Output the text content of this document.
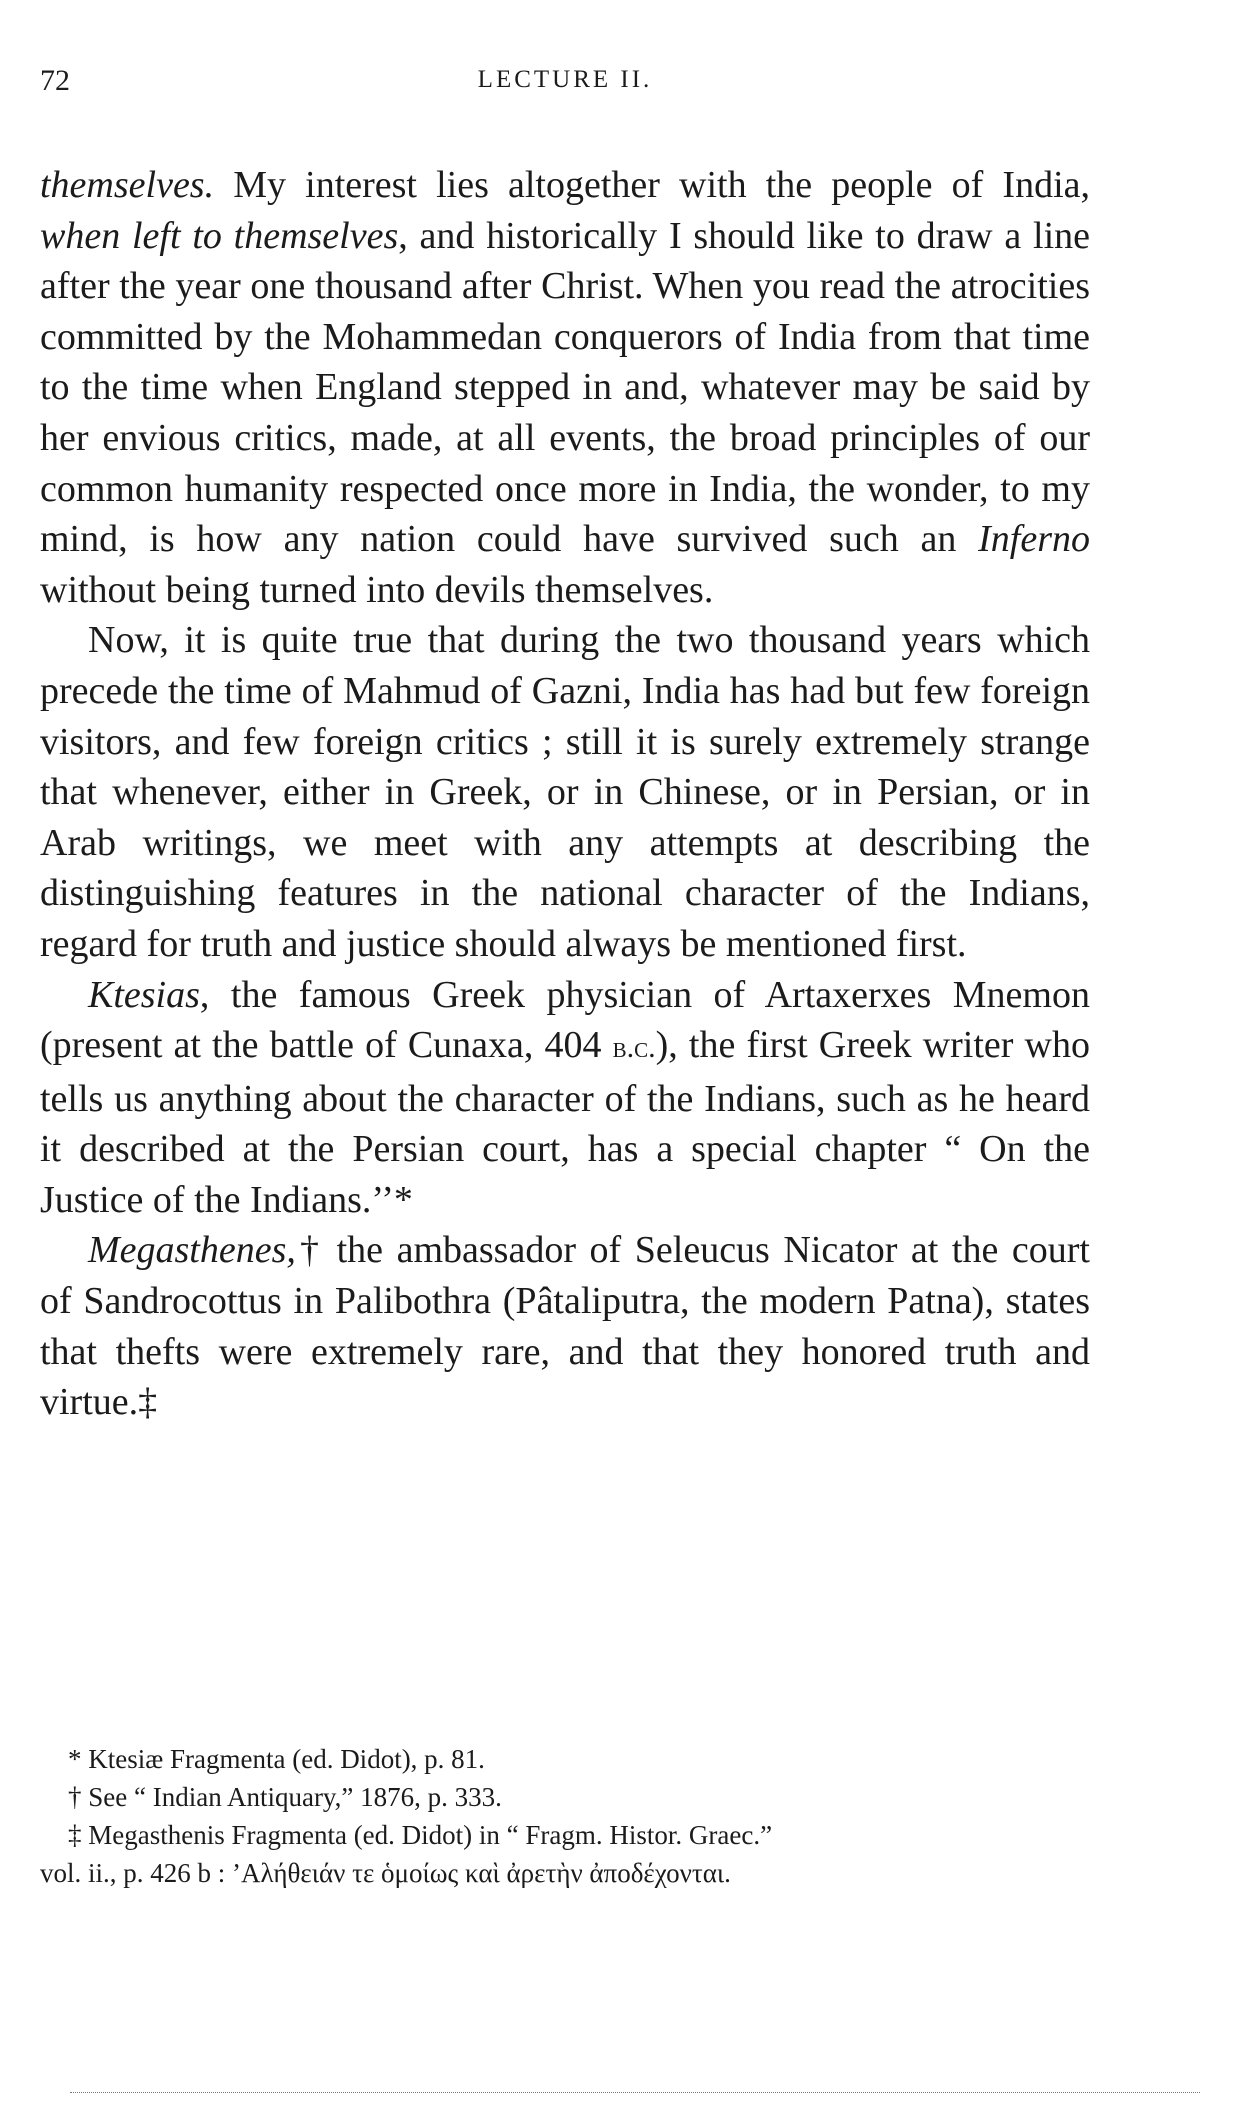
72	LECTURE II.

themselves. My interest lies altogether with the people of India, when left to themselves, and historically I should like to draw a line after the year one thousand after Christ. When you read the atrocities committed by the Mohammedan conquerors of India from that time to the time when England stepped in and, whatever may be said by her envious critics, made, at all events, the broad principles of our common humanity respected once more in India, the wonder, to my mind, is how any nation could have survived such an Inferno without being turned into devils themselves.

Now, it is quite true that during the two thousand years which precede the time of Mahmud of Gazni, India has had but few foreign visitors, and few foreign critics ; still it is surely extremely strange that whenever, either in Greek, or in Chinese, or in Persian, or in Arab writings, we meet with any attempts at describing the distinguishing features in the national character of the Indians, regard for truth and justice should always be mentioned first.

Ktesias, the famous Greek physician of Artaxerxes Mnemon (present at the battle of Cunaxa, 404 b.c.), the first Greek writer who tells us anything about the character of the Indians, such as he heard it described at the Persian court, has a special chapter “ On the Justice of the Indians.’’*

Megasthenes,† the ambassador of Seleucus Nicator at the court of Sandrocottus in Palibothra (Pâtaliputra, the modern Patna), states that thefts were extremely rare, and that they honored truth and virtue.‡

* Ktesiæ Fragmenta (ed. Didot), p. 81.

† See “ Indian Antiquary,” 1876, p. 333.

‡ Megasthenis Fragmenta (ed. Didot) in “ Fragm. Histor. Graec.”

vol. ii., p. 426 b : ’Αλήθειάν τε ὁμοίως καὶ ἀρετὴν ἀποδέχονται.
